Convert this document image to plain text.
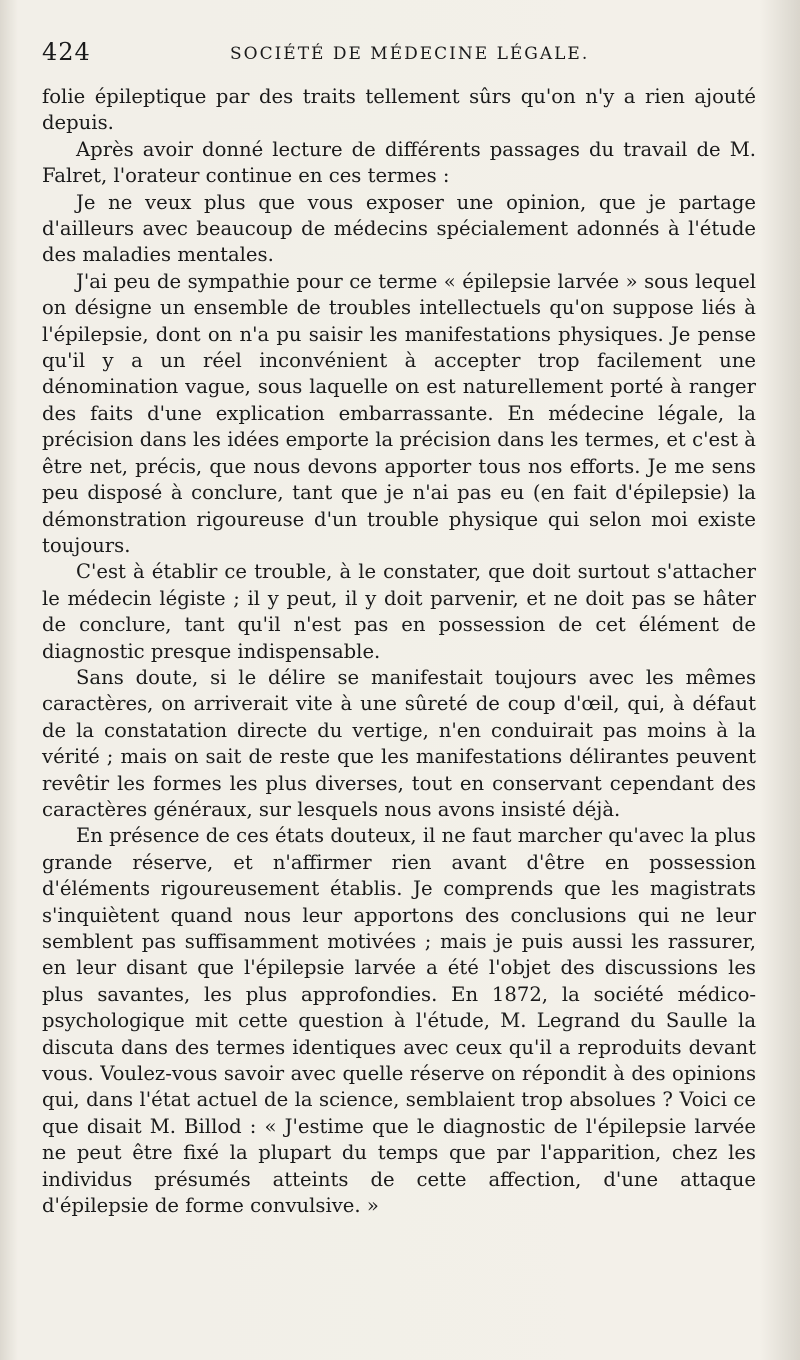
424	SOCIÉTÉ DE MÉDECINE LÉGALE.

folie épileptique par des traits tellement sûrs qu'on n'y a rien ajouté depuis.

Après avoir donné lecture de différents passages du travail de M. Falret, l'orateur continue en ces termes :

Je ne veux plus que vous exposer une opinion, que je partage d'ailleurs avec beaucoup de médecins spécialement adonnés à l'étude des maladies mentales.

J'ai peu de sympathie pour ce terme « épilepsie larvée » sous lequel on désigne un ensemble de troubles intellectuels qu'on suppose liés à l'épilepsie, dont on n'a pu saisir les manifestations physiques. Je pense qu'il y a un réel inconvénient à accepter trop facilement une dénomination vague, sous laquelle on est naturellement porté à ranger des faits d'une explication embarrassante. En médecine légale, la précision dans les idées emporte la précision dans les termes, et c'est à être net, précis, que nous devons apporter tous nos efforts. Je me sens peu disposé à conclure, tant que je n'ai pas eu (en fait d'épilepsie) la démonstration rigoureuse d'un trouble physique qui selon moi existe toujours.

C'est à établir ce trouble, à le constater, que doit surtout s'attacher le médecin légiste ; il y peut, il y doit parvenir, et ne doit pas se hâter de conclure, tant qu'il n'est pas en possession de cet élément de diagnostic presque indispensable.

Sans doute, si le délire se manifestait toujours avec les mêmes caractères, on arriverait vite à une sûreté de coup d'œil, qui, à défaut de la constatation directe du vertige, n'en conduirait pas moins à la vérité ; mais on sait de reste que les manifestations délirantes peuvent revêtir les formes les plus diverses, tout en conservant cependant des caractères généraux, sur lesquels nous avons insisté déjà.

En présence de ces états douteux, il ne faut marcher qu'avec la plus grande réserve, et n'affirmer rien avant d'être en possession d'éléments rigoureusement établis. Je comprends que les magistrats s'inquiètent quand nous leur apportons des conclusions qui ne leur semblent pas suffisamment motivées ; mais je puis aussi les rassurer, en leur disant que l'épilepsie larvée a été l'objet des discussions les plus savantes, les plus approfondies. En 1872, la société médico-psychologique mit cette question à l'étude, M. Legrand du Saulle la discuta dans des termes identiques avec ceux qu'il a reproduits devant vous. Voulez-vous savoir avec quelle réserve on répondit à des opinions qui, dans l'état actuel de la science, semblaient trop absolues ? Voici ce que disait M. Billod : « J'estime que le diagnostic de l'épilepsie larvée ne peut être fixé la plupart du temps que par l'apparition, chez les individus présumés atteints de cette affection, d'une attaque d'épilepsie de forme convulsive. »
